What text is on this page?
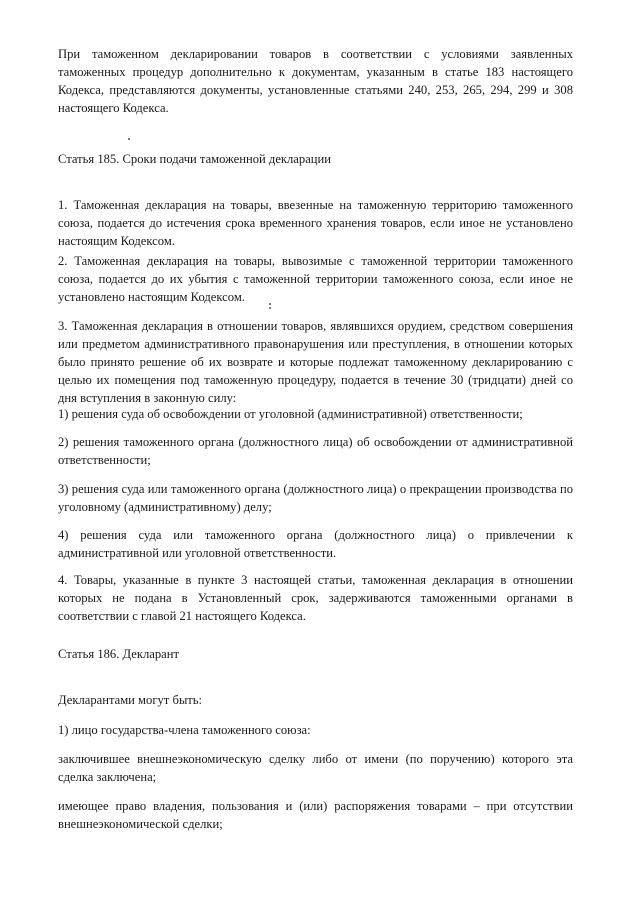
При таможенном декларировании товаров в соответствии с условиями заявленных таможенных процедур дополнительно к документам, указанным в статье 183 настоящего Кодекса, представляются документы, установленные статьями 240, 253, 265, 294, 299 и 308 настоящего Кодекса.

Статья 185. Сроки подачи таможенной декларации

1. Таможенная декларация на товары, ввезенные на таможенную территорию таможенного союза, подается до истечения срока временного хранения товаров, если иное не установлено настоящим Кодексом.

2. Таможенная декларация на товары, вывозимые с таможенной территории таможенного союза, подается до их убытия с таможенной территории таможенного союза, если иное не установлено настоящим Кодексом.

3. Таможенная декларация в отношении товаров, являвшихся орудием, средством совершения или предметом административного правонарушения или преступления, в отношении которых было принято решение об их возврате и которые подлежат таможенному декларированию с целью их помещения под таможенную процедуру, подается в течение 30 (тридцати) дней со дня вступления в законную силу:

1) решения суда об освобождении от уголовной (административной) ответственности;

2) решения таможенного органа (должностного лица) об освобождении от административной ответственности;

3) решения суда или таможенного органа (должностного лица) о прекращении производства по уголовному (административному) делу;

4) решения суда или таможенного органа (должностного лица) о привлечении к административной или уголовной ответственности.

4. Товары, указанные в пункте 3 настоящей статьи, таможенная декларация в отношении которых не подана в Установленный срок, задерживаются таможенными органами в соответствии с главой 21 настоящего Кодекса.

Статья 186. Декларант

Декларантами могут быть:

1) лицо государства-члена таможенного союза:

заключившее внешнеэкономическую сделку либо от имени (по поручению) которого эта сделка заключена;

имеющее право владения, пользования и (или) распоряжения товарами – при отсутствии внешнеэкономической сделки;
